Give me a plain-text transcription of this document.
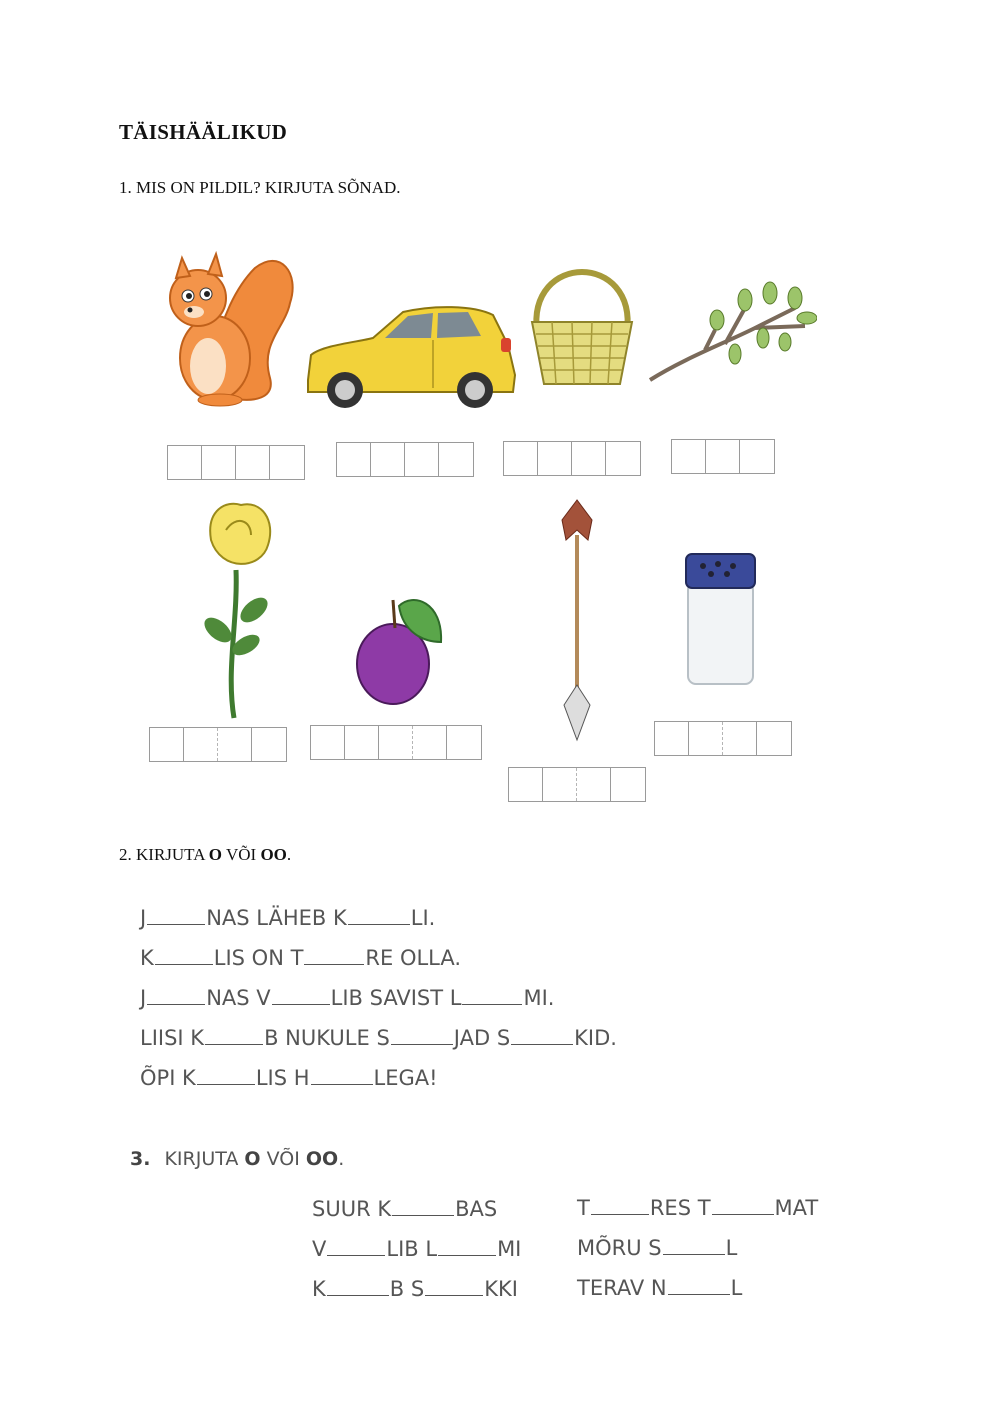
TÄISHÄÄLIKUD
1. MIS ON PILDIL? KIRJUTA SÕNAD.
2. KIRJUTA O VÕI OO.
J	NAS LÄHEB K	LI.
K	LIS ON T	RE OLLA.
J	NAS V	LIB SAVIST L	MI.
LIISI K	B NUKULE S	JAD S	KID.
ÕPI K	LIS H	LEGA!
3. KIRJUTA O VÕI OO.
SUUR K	BAS
V	LIB L	MI
K	B S	KKI
T	RES T	MAT
MÕRU S	L
TERAV N	L
